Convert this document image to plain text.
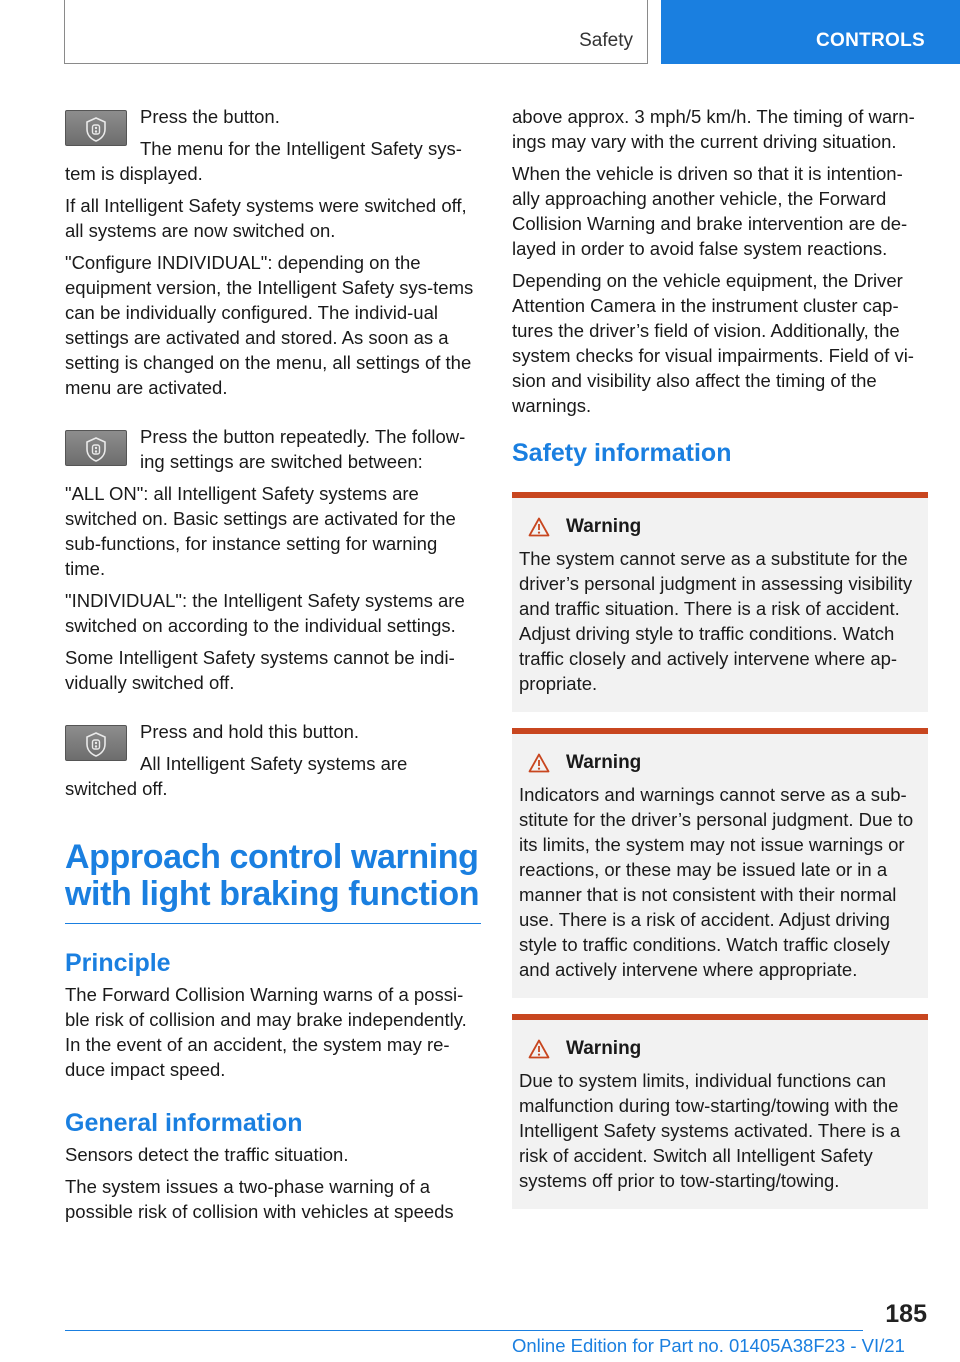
Safety	CONTROLS

Press the button.

The menu for the Intelligent Safety sys-tem is displayed.

If all Intelligent Safety systems were switched off, all systems are now switched on.

"Configure INDIVIDUAL": depending on the equipment version, the Intelligent Safety sys-tems can be individually configured. The individ-ual settings are activated and stored. As soon as a setting is changed on the menu, all settings of the menu are activated.

Press the button repeatedly. The follow-ing settings are switched between:

"ALL ON": all Intelligent Safety systems are switched on. Basic settings are activated for the sub-functions, for instance setting for warning time.

"INDIVIDUAL": the Intelligent Safety systems are switched on according to the individual settings.

Some Intelligent Safety systems cannot be indi-vidually switched off.

Press and hold this button.

All Intelligent Safety systems are switched off.

Approach control warning with light braking function
Principle

The Forward Collision Warning warns of a possi-ble risk of collision and may brake independently. In the event of an accident, the system may re-duce impact speed.

General information

Sensors detect the traffic situation.

The system issues a two-phase warning of a possible risk of collision with vehicles at speeds

above approx. 3 mph/5 km/h. The timing of warn-ings may vary with the current driving situation.

When the vehicle is driven so that it is intention-ally approaching another vehicle, the Forward Collision Warning and brake intervention are de-layed in order to avoid false system reactions.

Depending on the vehicle equipment, the Driver Attention Camera in the instrument cluster cap-tures the driver’s field of vision. Additionally, the system checks for visual impairments. Field of vi-sion and visibility also affect the timing of the warnings.

Safety information
Warning

The system cannot serve as a substitute for the driver’s personal judgment in assessing visibility and traffic situation. There is a risk of accident. Adjust driving style to traffic conditions. Watch traffic closely and actively intervene where ap-propriate.

Warning

Indicators and warnings cannot serve as a sub-stitute for the driver’s personal judgment. Due to its limits, the system may not issue warnings or reactions, or these may be issued late or in a manner that is not consistent with their normal use. There is a risk of accident. Adjust driving style to traffic conditions. Watch traffic closely and actively intervene where appropriate.

Warning

Due to system limits, individual functions can malfunction during tow-starting/towing with the Intelligent Safety systems activated. There is a risk of accident. Switch all Intelligent Safety systems off prior to tow-starting/towing.

185
Online Edition for Part no. 01405A38F23 - VI/21
